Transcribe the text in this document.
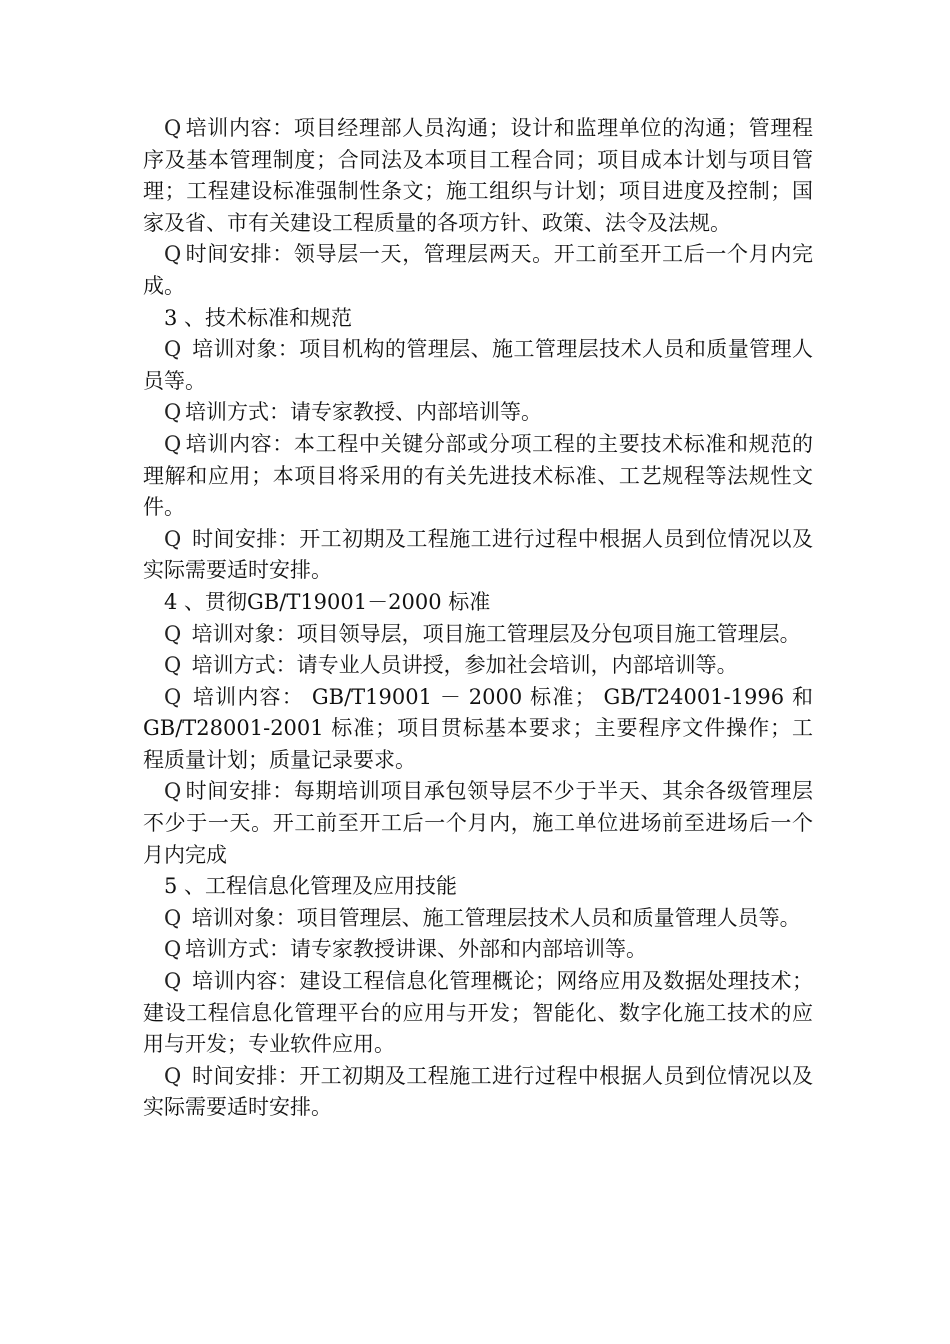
Q 培训内容：项目经理部人员沟通；设计和监理单位的沟通；管理程序及基本管理制度；合同法及本项目工程合同；项目成本计划与项目管理；工程建设标准强制性条文；施工组织与计划；项目进度及控制；国家及省、市有关建设工程质量的各项方针、政策、法令及法规。

Q 时间安排：领导层一天，管理层两天。开工前至开工后一个月内完成。

3 、技术标准和规范

Q 培训对象：项目机构的管理层、施工管理层技术人员和质量管理人员等。

Q 培训方式：请专家教授、内部培训等。

Q 培训内容：本工程中关键分部或分项工程的主要技术标准和规范的理解和应用；本项目将采用的有关先进技术标准、工艺规程等法规性文件。

Q 时间安排：开工初期及工程施工进行过程中根据人员到位情况以及实际需要适时安排。

4 、贯彻GB/T19001－2000 标准

Q 培训对象：项目领导层，项目施工管理层及分包项目施工管理层。

Q 培训方式：请专业人员讲授，参加社会培训，内部培训等。

Q 培训内容： GB/T19001 － 2000 标准； GB/T24001-1996 和 GB/T28001-2001 标准；项目贯标基本要求；主要程序文件操作；工程质量计划；质量记录要求。

Q 时间安排：每期培训项目承包领导层不少于半天、其余各级管理层不少于一天。开工前至开工后一个月内，施工单位进场前至进场后一个月内完成

5 、工程信息化管理及应用技能

Q 培训对象：项目管理层、施工管理层技术人员和质量管理人员等。

Q 培训方式：请专家教授讲课、外部和内部培训等。

Q 培训内容：建设工程信息化管理概论；网络应用及数据处理技术；建设工程信息化管理平台的应用与开发；智能化、数字化施工技术的应用与开发；专业软件应用。

Q 时间安排：开工初期及工程施工进行过程中根据人员到位情况以及实际需要适时安排。
